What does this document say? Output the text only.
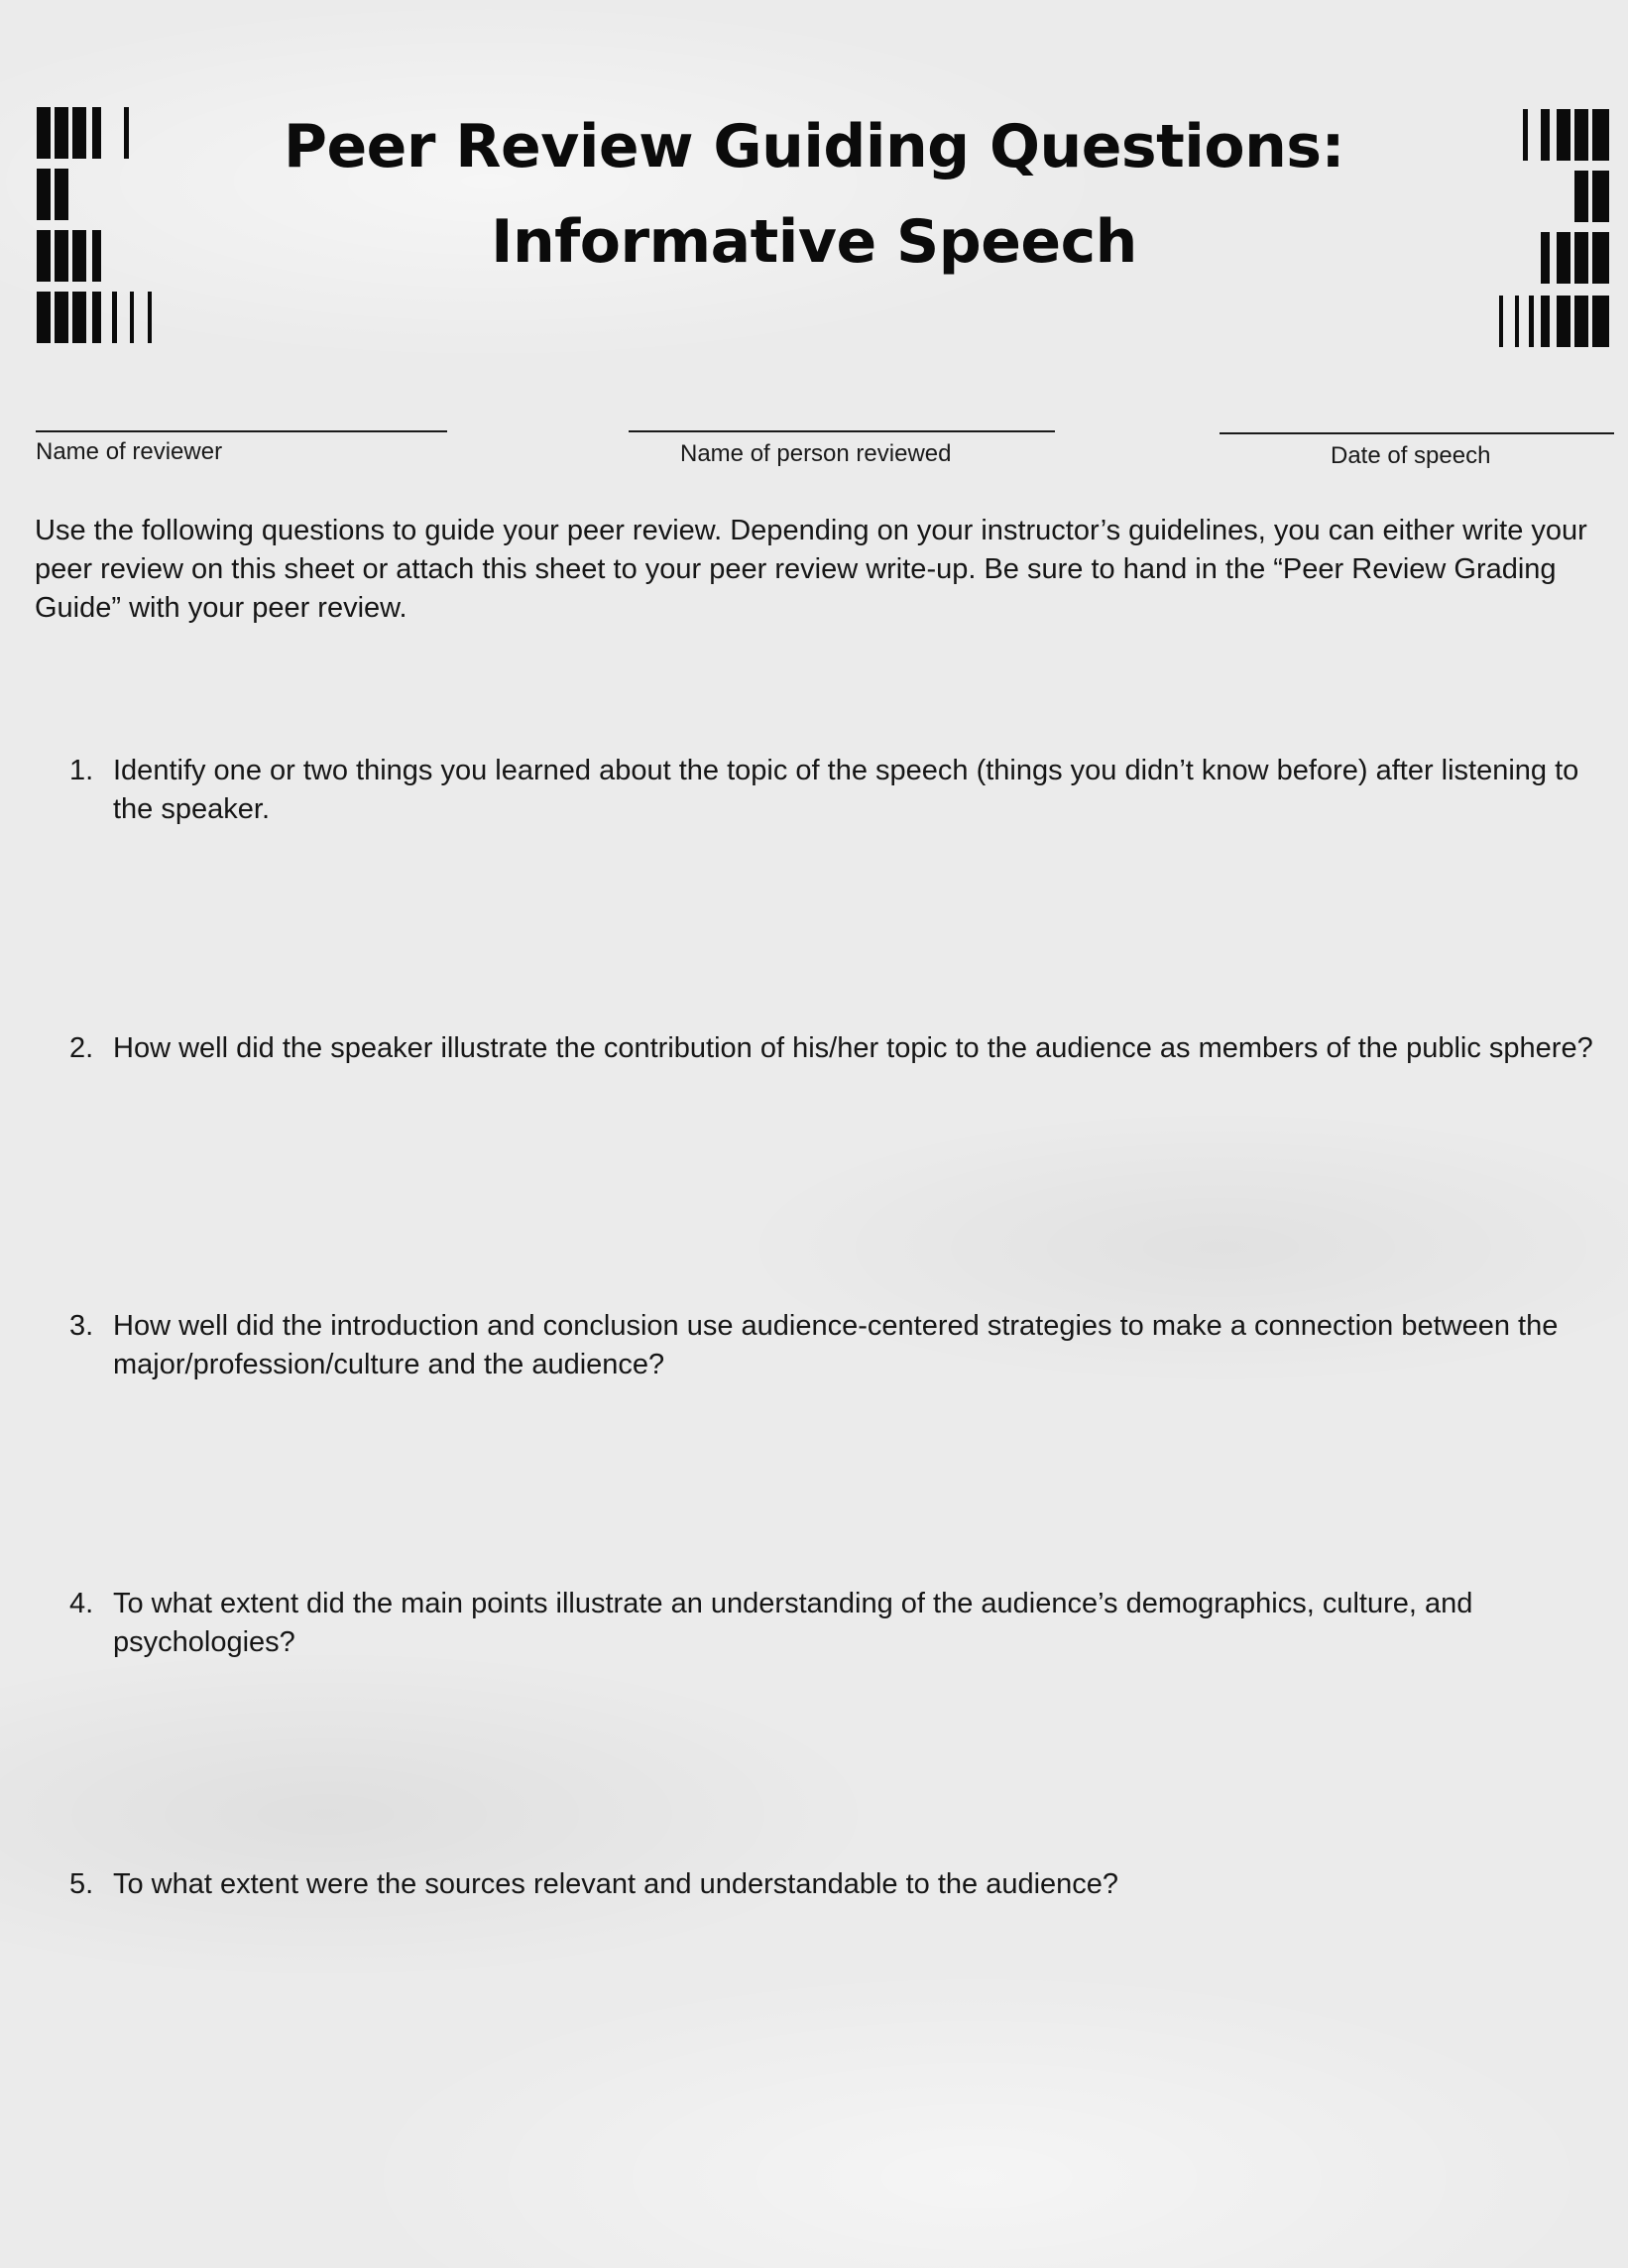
Peer Review Guiding Questions:
Informative Speech
Name of reviewer	Name of person reviewed	Date of speech

Use the following questions to guide your peer review. Depending on your instructor’s guidelines, you can either write your peer review on this sheet or attach this sheet to your peer review write-up. Be sure to hand in the “Peer Review Grading Guide” with your peer review.

1. Identify one or two things you learned about the topic of the speech (things you didn’t know before) after listening to the speaker.
2. How well did the speaker illustrate the contribution of his/her topic to the audience as members of the public sphere?
3. How well did the introduction and conclusion use audience-centered strategies to make a connection between the major/profession/culture and the audience?
4. To what extent did the main points illustrate an understanding of the audience’s demographics, culture, and psychologies?
5. To what extent were the sources relevant and understandable to the audience?
